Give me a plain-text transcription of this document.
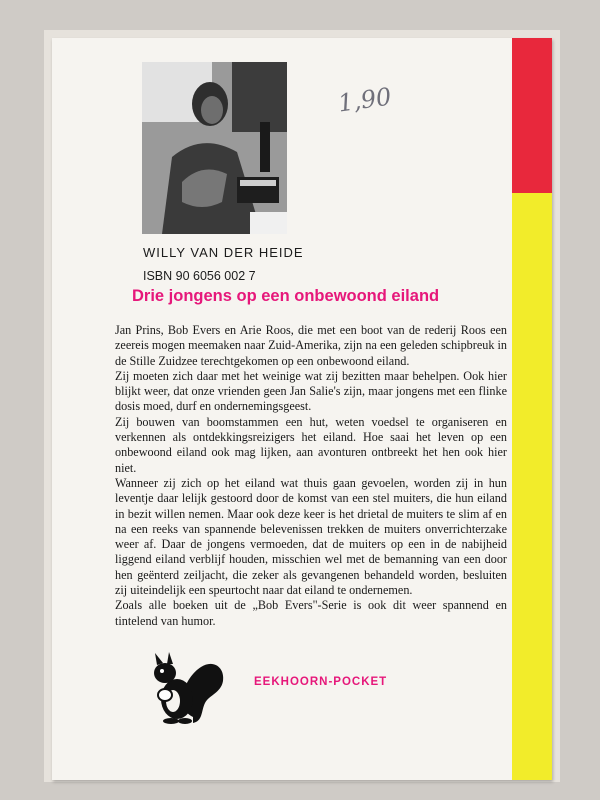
1,90
WILLY VAN DER HEIDE
ISBN 90 6056 002 7
Drie jongens op een onbewoond eiland

Jan Prins, Bob Evers en Arie Roos, die met een boot van de rederij Roos een zeereis mogen meemaken naar Zuid-Amerika, zijn na een geleden schipbreuk in de Stille Zuidzee terechtgekomen op een onbewoond eiland.

Zij moeten zich daar met het weinige wat zij bezitten maar behelpen. Ook hier blijkt weer, dat onze vrienden geen Jan Salie's zijn, maar jongens met een flinke dosis moed, durf en ondernemingsgeest.

Zij bouwen van boomstammen een hut, weten voedsel te organiseren en verkennen als ontdekkingsreizigers het eiland. Hoe saai het leven op een onbewoond eiland ook mag lijken, aan avonturen ontbreekt het hen ook hier niet.

Wanneer zij zich op het eiland wat thuis gaan gevoelen, worden zij in hun leventje daar lelijk gestoord door de komst van een stel muiters, die hun eiland in bezit willen nemen. Maar ook deze keer is het drietal de muiters te slim af en na een reeks van spannende belevenissen trekken de muiters onverrichterzake weer af. Daar de jongens vermoeden, dat de muiters op een in de nabijheid liggend eiland verblijf houden, misschien wel met de bemanning van een door hen geënterd zeiljacht, die zeker als gevangenen behandeld worden, besluiten zij uiteindelijk een speurtocht naar dat eiland te ondernemen.

Zoals alle boeken uit de „Bob Evers"-Serie is ook dit weer spannend en tintelend van humor.

EEKHOORN-POCKET
